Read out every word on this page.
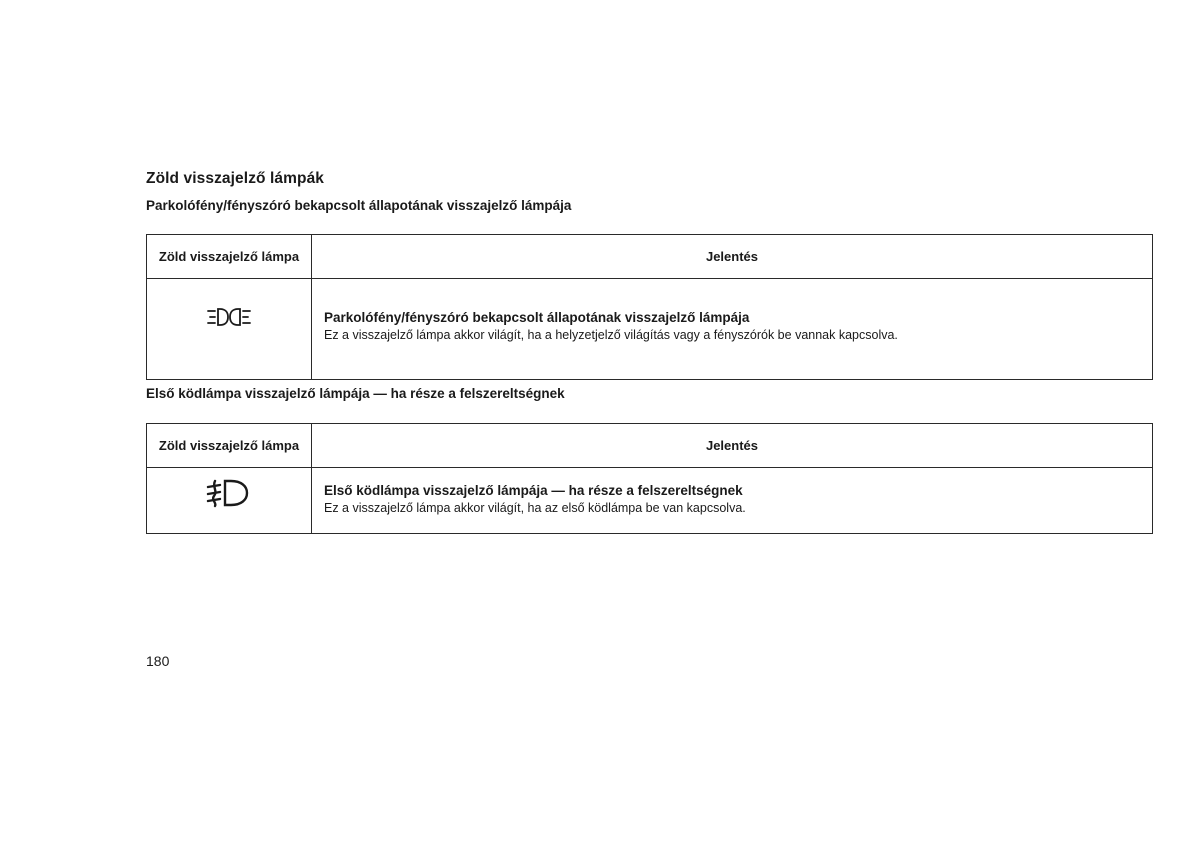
Zöld visszajelző lámpák
Parkolófény/fényszóró bekapcsolt állapotának visszajelző lámpája
Zöld visszajelző lámpa	Jelentés

Parkolófény/fényszóró bekapcsolt állapotának visszajelző lámpája
Ez a visszajelző lámpa akkor világít, ha a helyzetjelző világítás vagy a fényszórók be vannak kapcsolva.
Első ködlámpa visszajelző lámpája — ha része a felszereltségnek
Zöld visszajelző lámpa	Jelentés

Első ködlámpa visszajelző lámpája — ha része a felszereltségnek
Ez a visszajelző lámpa akkor világít, ha az első ködlámpa be van kapcsolva.
180
